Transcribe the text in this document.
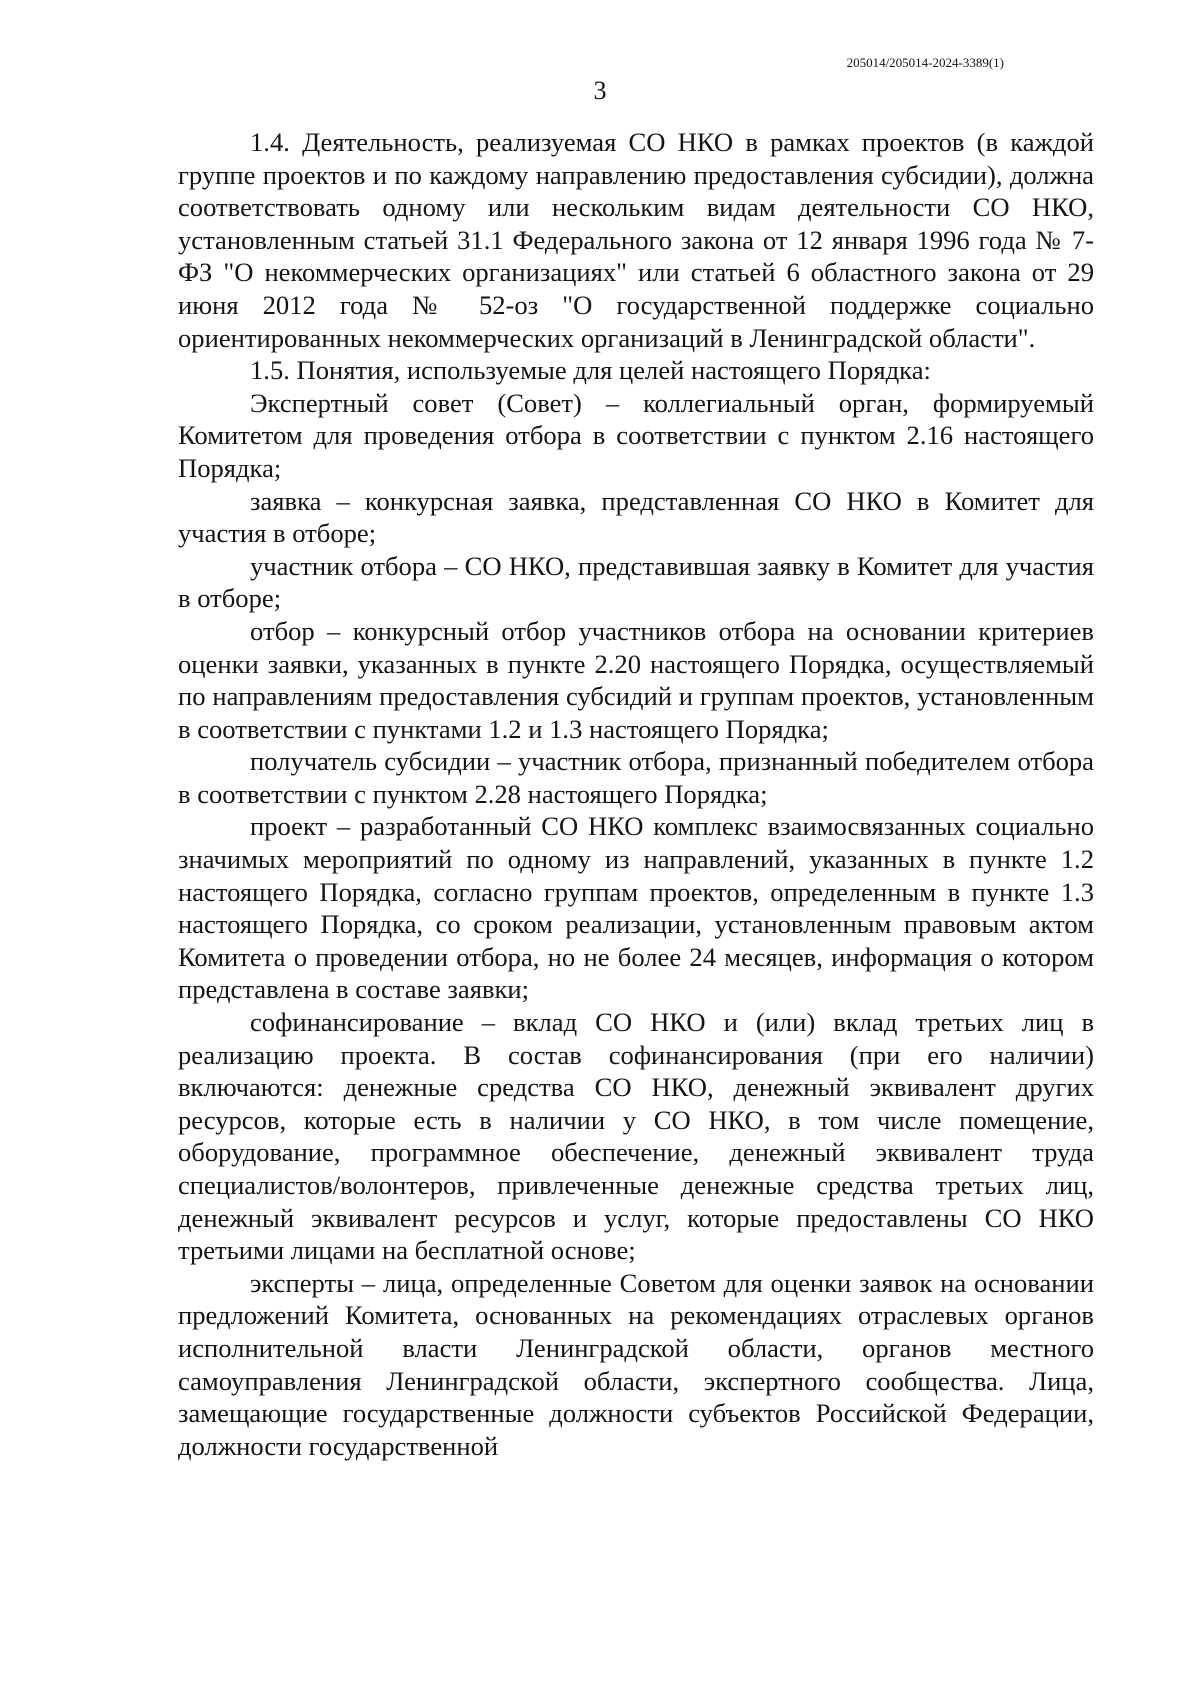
205014/205014-2024-3389(1)
3

1.4. Деятельность, реализуемая СО НКО в рамках проектов (в каждой группе проектов и по каждому направлению предоставления субсидии), должна соответствовать одному или нескольким видам деятельности СО НКО, установленным статьей 31.1 Федерального закона от 12 января 1996 года № 7-ФЗ "О некоммерческих организациях" или статьей 6 областного закона от 29 июня 2012 года № 52-оз "О государственной поддержке социально ориентированных некоммерческих организаций в Ленинградской области".

1.5. Понятия, используемые для целей настоящего Порядка:

Экспертный совет (Совет) – коллегиальный орган, формируемый Комитетом для проведения отбора в соответствии с пунктом 2.16 настоящего Порядка;

заявка – конкурсная заявка, представленная СО НКО в Комитет для участия в отборе;

участник отбора – СО НКО, представившая заявку в Комитет для участия в отборе;

отбор – конкурсный отбор участников отбора на основании критериев оценки заявки, указанных в пункте 2.20 настоящего Порядка, осуществляемый по направлениям предоставления субсидий и группам проектов, установленным в соответствии с пунктами 1.2 и 1.3 настоящего Порядка;

получатель субсидии – участник отбора, признанный победителем отбора в соответствии с пунктом 2.28 настоящего Порядка;

проект – разработанный СО НКО комплекс взаимосвязанных социально значимых мероприятий по одному из направлений, указанных в пункте 1.2 настоящего Порядка, согласно группам проектов, определенным в пункте 1.3 настоящего Порядка, со сроком реализации, установленным правовым актом Комитета о проведении отбора, но не более 24 месяцев, информация о котором представлена в составе заявки;

софинансирование – вклад СО НКО и (или) вклад третьих лиц в реализацию проекта. В состав софинансирования (при его наличии) включаются: денежные средства СО НКО, денежный эквивалент других ресурсов, которые есть в наличии у СО НКО, в том числе помещение, оборудование, программное обеспечение, денежный эквивалент труда специалистов/волонтеров, привлеченные денежные средства третьих лиц, денежный эквивалент ресурсов и услуг, которые предоставлены СО НКО третьими лицами на бесплатной основе;

эксперты – лица, определенные Советом для оценки заявок на основании предложений Комитета, основанных на рекомендациях отраслевых органов исполнительной власти Ленинградской области, органов местного самоуправления Ленинградской области, экспертного сообщества. Лица, замещающие государственные должности субъектов Российской Федерации, должности государственной
